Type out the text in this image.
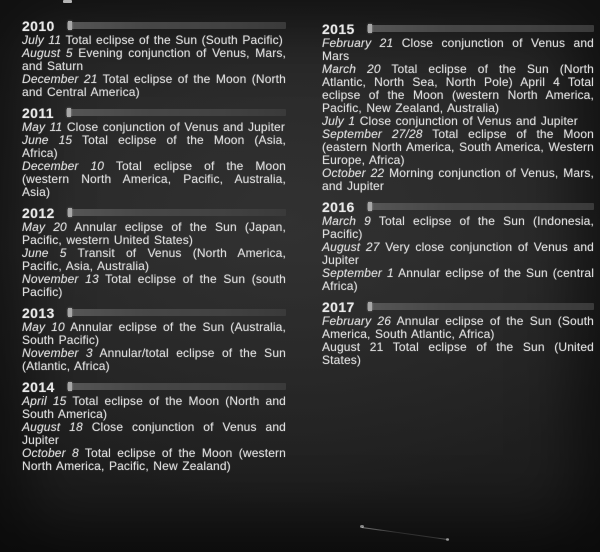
2010

July 11 Total eclipse of the Sun (South Pacific)

August 5 Evening conjunction of Venus, Mars, and Saturn

December 21 Total eclipse of the Moon (North and Central America)

2011

May 11 Close conjunction of Venus and Jupiter

June 15 Total eclipse of the Moon (Asia, Africa)

December 10 Total eclipse of the Moon (western North America, Pacific, Australia, Asia)

2012

May 20 Annular eclipse of the Sun (Japan, Pacific, western United States)

June 5 Transit of Venus (North America, Pacific, Asia, Australia)

November 13 Total eclipse of the Sun (south Pacific)

2013

May 10 Annular eclipse of the Sun (Australia, South Pacific)

November 3 Annular/total eclipse of the Sun (Atlantic, Africa)

2014

April 15 Total eclipse of the Moon (North and South America)

August 18 Close conjunction of Venus and Jupiter

October 8 Total eclipse of the Moon (western North America, Pacific, New Zealand)

2015

February 21 Close conjunction of Venus and Mars

March 20 Total eclipse of the Sun (North Atlantic, North Sea, North Pole) April 4 Total eclipse of the Moon (western North America, Pacific, New Zealand, Australia)

July 1 Close conjunction of Venus and Jupiter

September 27/28 Total eclipse of the Moon (eastern North America, South America, Western Europe, Africa)

October 22 Morning conjunction of Venus, Mars, and Jupiter

2016

March 9 Total eclipse of the Sun (Indonesia, Pacific)

August 27 Very close conjunction of Venus and Jupiter

September 1 Annular eclipse of the Sun (central Africa)

2017

February 26 Annular eclipse of the Sun (South America, South Atlantic, Africa)

August 21 Total eclipse of the Sun (United States)
